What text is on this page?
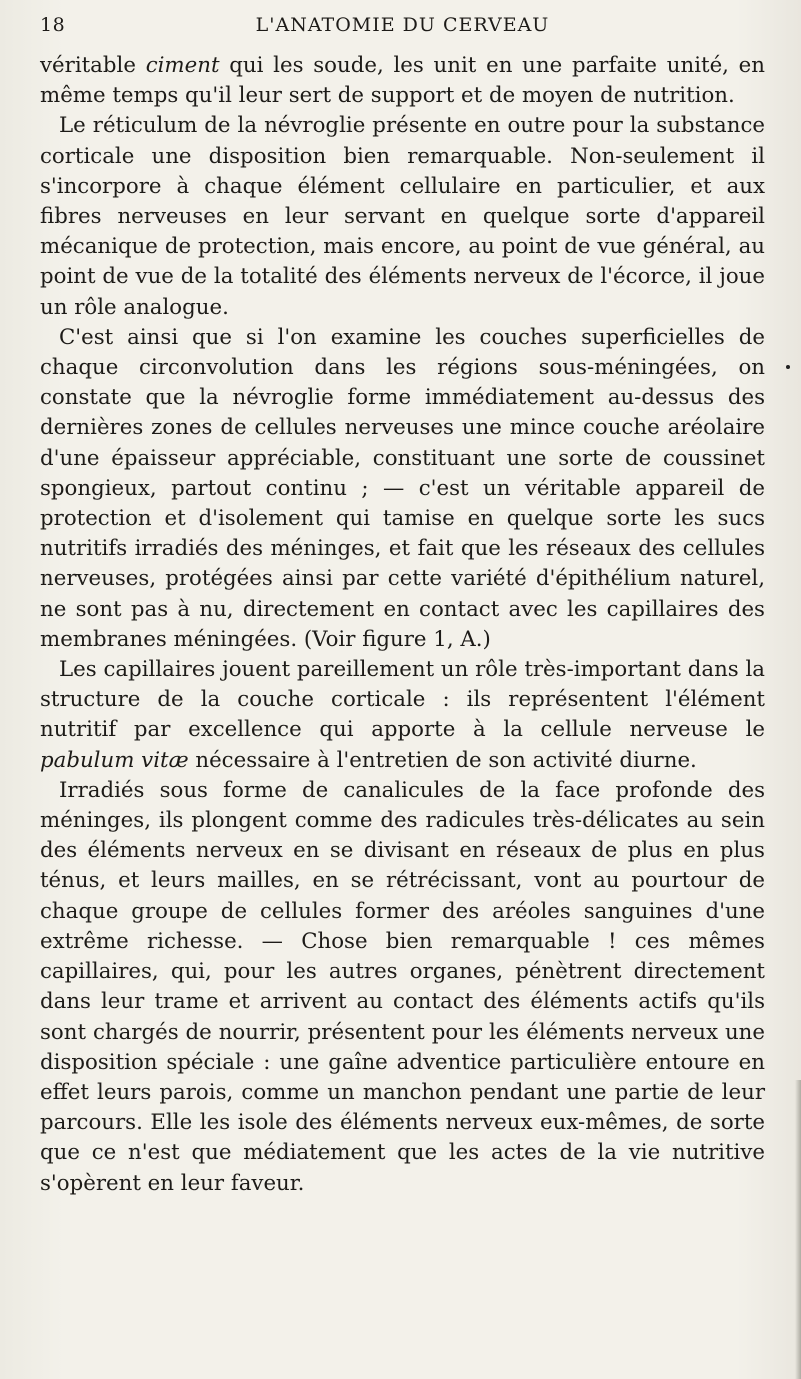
18	L'ANATOMIE DU CERVEAU

véritable ciment qui les soude, les unit en une parfaite unité, en même temps qu'il leur sert de support et de moyen de nutrition.

Le réticulum de la névroglie présente en outre pour la substance corticale une disposition bien remarquable. Non-seulement il s'incorpore à chaque élément cellulaire en particulier, et aux fibres nerveuses en leur servant en quelque sorte d'appareil mécanique de protection, mais encore, au point de vue général, au point de vue de la totalité des éléments nerveux de l'écorce, il joue un rôle analogue.

C'est ainsi que si l'on examine les couches superficielles de chaque circonvolution dans les régions sous-méningées, on constate que la névroglie forme immédiatement au-dessus des dernières zones de cellules nerveuses une mince couche aréolaire d'une épaisseur appréciable, constituant une sorte de coussinet spongieux, partout continu ; — c'est un véritable appareil de protection et d'isolement qui tamise en quelque sorte les sucs nutritifs irradiés des méninges, et fait que les réseaux des cellules nerveuses, protégées ainsi par cette variété d'épithélium naturel, ne sont pas à nu, directement en contact avec les capillaires des membranes méningées. (Voir figure 1, A.)

Les capillaires jouent pareillement un rôle très-important dans la structure de la couche corticale : ils représentent l'élément nutritif par excellence qui apporte à la cellule nerveuse le pabulum vitæ nécessaire à l'entretien de son activité diurne.

Irradiés sous forme de canalicules de la face profonde des méninges, ils plongent comme des radicules très-délicates au sein des éléments nerveux en se divisant en réseaux de plus en plus ténus, et leurs mailles, en se rétrécissant, vont au pourtour de chaque groupe de cellules former des aréoles sanguines d'une extrême richesse. — Chose bien remarquable ! ces mêmes capillaires, qui, pour les autres organes, pénètrent directement dans leur trame et arrivent au contact des éléments actifs qu'ils sont chargés de nourrir, présentent pour les éléments nerveux une disposition spéciale : une gaîne adventice particulière entoure en effet leurs parois, comme un manchon pendant une partie de leur parcours. Elle les isole des éléments nerveux eux-mêmes, de sorte que ce n'est que médiatement que les actes de la vie nutritive s'opèrent en leur faveur.
